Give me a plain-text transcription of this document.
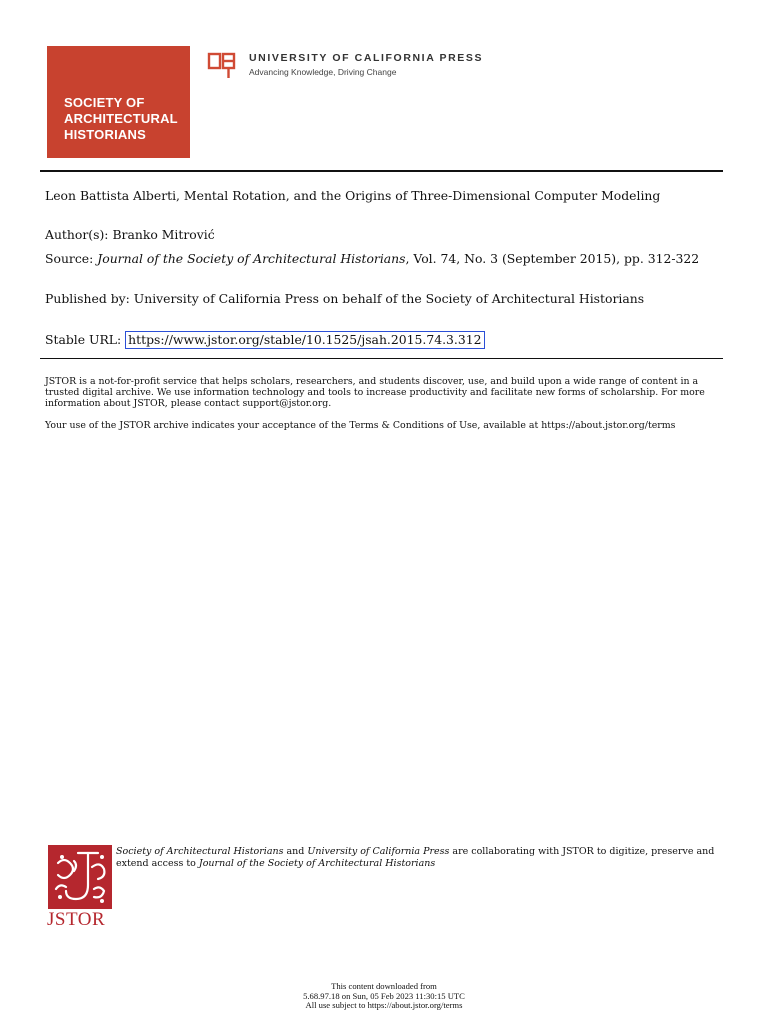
SOCIETY OF
ARCHITECTURAL
HISTORIANS
UNIVERSITY OF CALIFORNIA PRESS
Advancing Knowledge, Driving Change
Leon Battista Alberti, Mental Rotation, and the Origins of Three-Dimensional Computer Modeling
Author(s): Branko Mitrović
Source: Journal of the Society of Architectural Historians, Vol. 74, No. 3 (September 2015), pp. 312-322
Published by: University of California Press on behalf of the Society of Architectural Historians
Stable URL: https://www.jstor.org/stable/10.1525/jsah.2015.74.3.312
JSTOR is a not-for-profit service that helps scholars, researchers, and students discover, use, and build upon a wide range of content in a trusted digital archive. We use information technology and tools to increase productivity and facilitate new forms of scholarship. For more information about JSTOR, please contact support@jstor.org.
Your use of the JSTOR archive indicates your acceptance of the Terms & Conditions of Use, available at https://about.jstor.org/terms
JSTOR
Society of Architectural Historians and University of California Press are collaborating with JSTOR to digitize, preserve and extend access to Journal of the Society of Architectural Historians
This content downloaded from
5.68.97.18 on Sun, 05 Feb 2023 11:30:15 UTC
All use subject to https://about.jstor.org/terms
